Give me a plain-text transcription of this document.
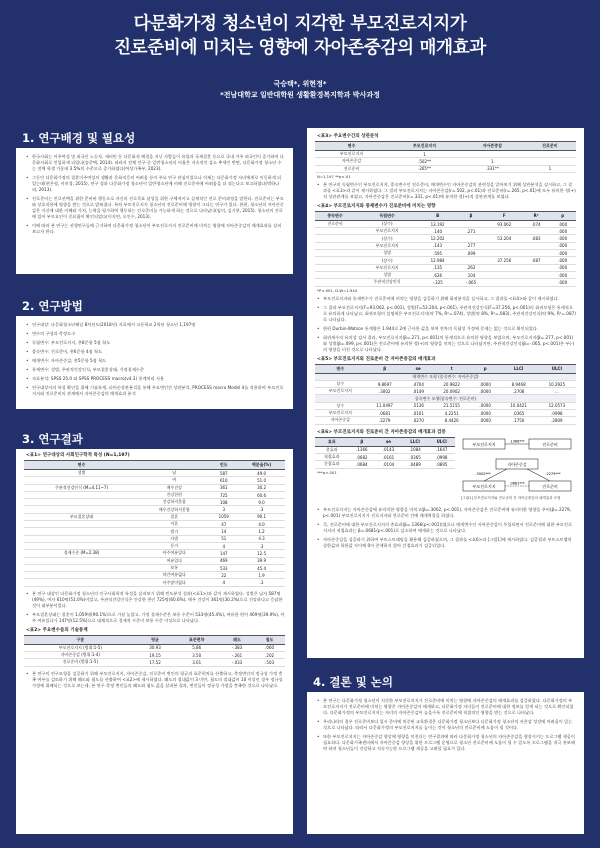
다문화가정 청소년이 지각한 부모진로지지가
진로준비에 미치는 영향에 자아존중감의 매개효과
국승택*, 위현정*
*전남대학교 일반대학원 생활환경복지학과 박사과정
1. 연구배경 및 필요성
• 한국사회는 이주여성 및 외국인 노동자, 새터민 등 다문화적 배경을 지닌 사람들이 유입과 국제결혼 등으로 국내 거주 외국인이 증가하여 다문화사회로 진입하게 되었다(송준택, 2014). 따라서 전체 인구 중 일반청소년의 비율은 지속적인 감소 추세인 반면, 다문화가정 청소년 수는 전체 학생 가운데 3.5%의 수준으로 증가하였다(여성가족부, 2023).
• 그동안 다문화가정의 결혼이주여성의 생활과 문화적응의 어려움 등이 주요 연구 관심이었으나 이제는 다문화가정 자녀에게로 이동하게 되었는데(현은형, 이미경, 2015), 연구 결과 다문화가정 청소년이 일반청소년에 비해 진로준비에 어려움을 더 겪는다고 보고하였다(박하나 외, 2013).
• 진로준비는 진로선택을 위한 준비된 행동으로 자신의 진로목표 달성을 위한 구체적이고 실제적인 진로 준비과정을 말한다. 진로준비는 부모와 상호작용에 영향을 받는 것으로 밝혀졌다. 특히 부모진로지지 청소년의 진로준비에 영향이 크다는 연구가 있다. 한편, 청소년의 자아존중감은 자신에 대한 이해와 가치, 능력을 평가하여 행동하는 진로준비를 가능하게 하는 것으로 나타났다(임미, 김기현, 2015). 청소년의 진로에 있어 부모요인이 중요함이 확인되었다(이지연, 오인수, 2013).
• 이에 따라 본 연구는 선행연구들에 근거하여 다문화가정 청소년이 부모진로지지 진로준비에 미치는 영향에 자아존중감의 매개효과를 살펴보고자 한다.
2. 연구방법
• 연구대상: 다문화청소년패널 8차년도(2018년) 자료에서 고등학교 2학년 청소년 1,197명
• 변수의 구성과 측정도구
• 독립변수: 부모진로지지, 총8문항 5점 척도
• 종속변수: 진로준비, 총6문항 4점 척도
• 매개변수: 자아존중감, 총5문항 5점 척도
• 통제변수: 성별, 주관적건강인식, 부모결혼상태, 가정경제수준
• 자료분석: SPSS 25.0 와 SPSS PROCESS macro(v4.3) 통계처리 사용
• 연구대상자의 특성 확인을 위해 기술통계, 피어슨상관분석을 통해 주요변인간 상관분석, PROCESS macro Model 4를 적용하여 부모진로지지와 진로준비의 관계에서 자아존중감의 매개효과 분석
3. 연구결과
<표1> 연구대상의 사회인구학적 특성 (N=1,197)
변수		빈도	백분율(%)
성별	남	587	49.0
	여	610	51.0
주관적건강인식 (M=4.11~7)	매우건강	361	30.2
	건강한편	725	60.6
	건강하지못함	108	9.0
	매우건강하지못함	3	.3
부모결혼상태	결혼	1059	90.1
	이혼	47	4.0
	별거	14	1.2
	사별	51	4.3
	동거	4	.3
경제수준 (M=2.38)	아주여유있다	147	12.5
	여유있다	469	39.9
	보통	533	45.4
	약간여유없다	22	1.9
	아주많이없다	4	.3
• 본 연구 대상인 다문화가정 청소년의 인구사회학적 특성을 살펴보기 위해 빈도분석 결과(<표1>)과 같이 제시하였다. 성별은 남자 587명(49%), 여자 610명(51.0%)이었고, 주관적건강인식은 건강한 편인 725명(60.6%), 매우 건강이 361명(30.2%)으로 건강하다고 응답한 것이 대부분이었다.
• 부모결혼상태는 결혼이 1,059명(90.1%)으로 가장 높았고, 가정 경제수준은 보통 수준이 533명(45.4%), 여유한 편이 469명(39.9%), 아주 여유있다가 147명(12.5%)으로 대체적으로 경제적 수준이 보통 수준 이상으로 나타났다.
<표2> 주요변수들의 기술통계
구분	평균	표준편차	왜도	첨도
부모진로지지 (범위:1-5)	30.93	5.86	-.383	.060
자아존중감 (범위:1-4)	19.15	3.50	-.261	.202
진로준비 (범위:1-5)	17.52	3.01	-.033	.503
• 본 연구의 연구모형을 검증하기 위해 부모진로지지, 자아존중감, 진로준비 변인의 평균과 표준편차를 산출하고, 측정변인의 정규성 가정 충족 여부를 검토하기 위해 왜도와 첨도를 산출하여 <표2>에 제시하였다. 왜도의 절대값이 3 미만, 첨도의 절대값이 10 이상인 경우 정규성 가정에 위배되는 것으로 보는데, 본 연구 측정 변인들의 왜도와 첨도 값을 살펴본 결과, 변인들이 정규성 가정을 충족한 것으로 나타났다.
<표3> 주요변수간의 상관분석
변수	부모진로지지	자아존중감	진로준비
부모진로지지	1		
자아존중감	.502**	1	
진로준비	.265**	.331**	1
N=1,197 **p<.01
• 본 연구의 독립변수인 부모진로지지, 종속변수인 진로준비, 매개변수인 자아존중감의 관련성을 알아보기 위해 상관분석을 실시하고, 그 결과를 <표3>과 같이 제시하였다. 그 결과 부모진로지지는 자아존중감(r=.502, p<.01)과 진로준비(r=.265, p<.01)에 모두 유의한 정(+)적 상관관계를 보였고, 자아존중감은 진로준비(r=.331, p<.01)에 유의한 정(+)적 상관관계를 보였다.
<표4> 부모진로지지와 통제변수가 진로준비에 미치는 영향
종속변수	독립변수	B	β	F	R²	p
진로준비	(상수)	13.192		93.062	.074	.000
	부모진로지지	.140	.271			.000
	(상수)	12.202		53.204	.083	.000
	부모진로지지	.143	.277			.000
	성별	.595	.099			.000
	(상수)	12.984		37.256	.087	.000
	부모진로지지	.135	.262			.000
	성별	.626	.104			.000
	주관적건강인식	-.325	-.065			.000
*P<.001, D-W=1.944
• 부모진로지지와 통제변수가 진로준비에 미치는 영향을 검증하기 위해 회귀분석을 실시하고, 그 결과를 <표4>와 같이 제시하였다.
• 그 결과 부모진로지지(F=93.062, p<.001), 성별(F=53.204, p<.001), 주관적건강인식(F=37.256, p<.001)의 회귀모형은 통계적으로 유의하게 나타났고, 회귀모형의 설명력은 부모진로지지(약 7%, R²=.074), 성별(약 8%, R²=.083), 주관적건강인식(약 9%, R²=.087)로 나타났다.
• 한편 Durbin-Watson 통계량은 1.944로 2에 근사한 값을 보여 잔차의 독립성 가정에 문제는 없는 것으로 확인되었다.
• 회귀계수의 유의성 검사 결과, 부모진로지지(β=.271, p<.001)의 통계적으로 유의한 영향을 보였으며, 부모진로지지(β=.277, p<.001)와 성별(β=.099, p<.001)은 진로준비에 유의한 정(+)의 영향을 미치는 것으로 나타났지만, 주관적건강인식(β=-.065, p<.001)은 부(-)의 영향을 미친 것으로 나타났다.
<표5> 부모진로지지와 진로준비 간 자아존중감의 매개효과
변수	β	se	t	p	LLCI	ULCI
매개변수 모형 (종속변수: 자아존중감)						
상수	9.8697	.4704	20.9822	.0000	8.9468	10.2925
부모진로지지	.3002	.0149	20.0902	.0000	.2708	...
종속변수 모형(종속변수: 진로준비)						
상수	11.0497	.5136	21.5155	.0000	10.0421	12.0573
부모진로지지	.0681	.0161	4.2251	.0000	.0365	.0998
자아존중감	.2279	.0270	8.4426	.0000	.1750	.2809
<표6> 부모진로지지와 진로준비 간 자아존중감의 매개효과 검증
효과	β	se	LLCI	ULCI
총효과	.1366	.0143	.1084	.1647
직접효과	.0682	.0161	.0365	.0998
간접효과	.0684	.0104	.0489	.0895
***p<.001
부모진로지지	진로준비
.1366***
자아존중감
부모진로지지	진로준비
.3002***	.2279***
.0681***
[그림1] 부모진로지지와 진로준비 간 자아존중감의 매개효과 모형
• 부모진로지지는 자아존중감에 유의미한 영향을 미치고(β=.3002, p<.001), 자아존중감은 진로준비에 유의미한 영향을 주어(β=.2279, p<.001) 부모진로지지가 진로지지와 진로준비 간에 매개역할을 하였다.
• 즉, 진로준비에 대한 부모진로지지의 총효과(β=.1366(p<.001))였으나 매개변수인 자아존중감이 투입되면서 진로준비에 대한 부모진로지지의 직접효과는 β=.0681(p<.001)로 감소하여 매개하는 것으로 나타났다.
• 자아존중감을 검증하기 위하여 부트스트래핑을 활용해 검증하였으며, 그 결과를 <표6>과 [그림1]에 제시하였다. 검증결과 부트스트랩의 상한값과 하한값 사이에 0이 존재하지 않아 간접효과가 검증되었다.
4. 결론 및 논의
• 본 연구는 다문화가정 청소년이 지각한 부모진로지지가 진로준비에 미치는 영향에 자아존중감의 매개효과를 검증하였다. 다문화가정의 부모진로지지가 진로준비에 미치는 영향은 자아존중감이 매개하고, 다문화가정 자녀들이 진로준비에 대한 정보를 얻게 되는 것으로 확인되었다. 다문화가정의 부모진로지지는 자녀의 자아존중감이 높을수록 진로준비에 직접적인 영향을 받는 것으로 나타났다.
• 우리나라의 경우 진로준비보다 입시 준비에 치중된 교육환경은 다문화가정 청소년보다 다문화가정 청소년의 자존감 성장에 어려움이 있는 것으로 나타났다. 따라서 다문화가정의 부모진로지지를 높이는 것이 청소년의 진로준비에 도움이 될 것이다.
• 또한 부모진로지지는 자아존중감 향상에 영향을 미친다는 연구결과에 따라 다문화가정 청소년의 자아존중감을 향상시키는 프로그램 제공이 필요하다. 다문화가족센터에서 자아존중감 향상을 위한 프로그램 운영으로 청소년 진로준비에 도움이 될 수 있도록 프로그램을 적극 홍보해야 하며 청소년들이 건강하고 지속가능한 프로그램 제공을 고려할 필요가 있다.
